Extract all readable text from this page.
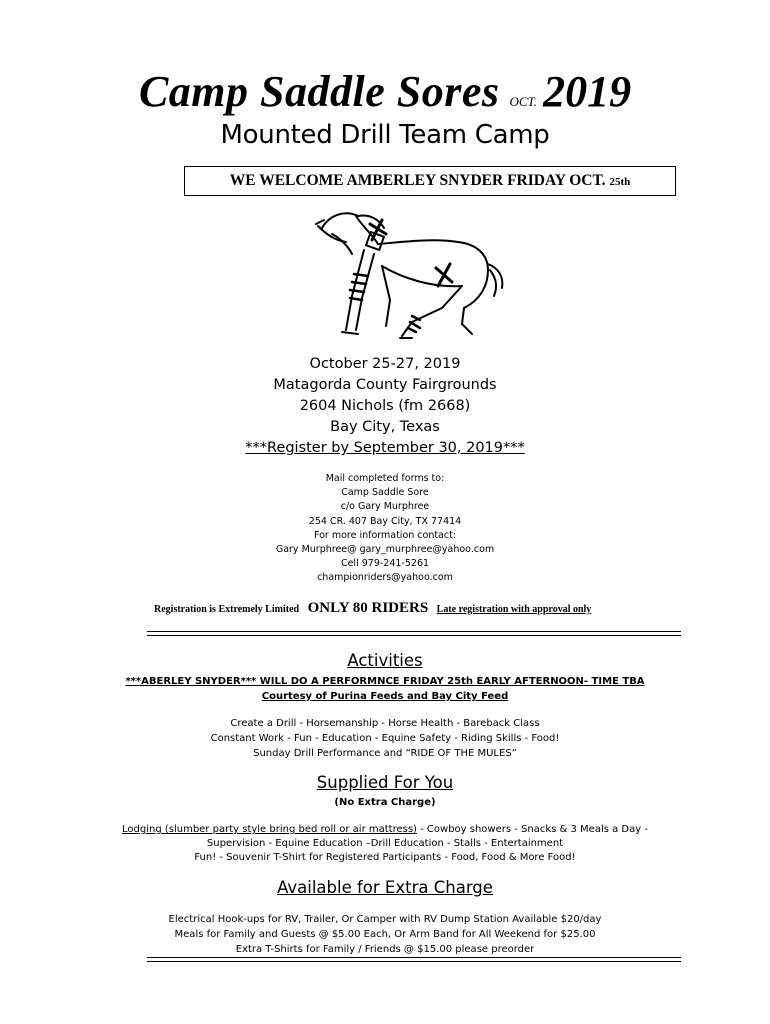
Camp Saddle Sores OCT. 2019
Mounted Drill Team Camp
WE WELCOME AMBERLEY SNYDER FRIDAY OCT. 25th
October 25-27, 2019
Matagorda County Fairgrounds
2604 Nichols (fm 2668)
Bay City, Texas
***Register by September 30, 2019***
Mail completed forms to:
Camp Saddle Sore
c/o Gary Murphree
254 CR. 407 Bay City, TX 77414
For more information contact:
Gary Murphree@ gary_murphree@yahoo.com
Cell 979-241-5261
championriders@yahoo.com
Registration is Extremely Limited ONLY 80 RIDERS Late registration with approval only
Activities
***ABERLEY SNYDER*** WILL DO A PERFORMNCE FRIDAY 25th EARLY AFTERNOON- TIME TBA
Courtesy of Purina Feeds and Bay City Feed
Create a Drill - Horsemanship - Horse Health - Bareback Class
Constant Work - Fun - Education - Equine Safety - Riding Skills - Food!
Sunday Drill Performance and “RIDE OF THE MULES”
Supplied For You
(No Extra Charge)
Lodging (slumber party style bring bed roll or air mattress) - Cowboy showers - Snacks & 3 Meals a Day -
Supervision - Equine Education –Drill Education - Stalls - Entertainment
Fun! - Souvenir T-Shirt for Registered Participants - Food, Food & More Food!
Available for Extra Charge
Electrical Hook-ups for RV, Trailer, Or Camper with RV Dump Station Available $20/day
Meals for Family and Guests @ $5.00 Each, Or Arm Band for All Weekend for $25.00
Extra T-Shirts for Family / Friends @ $15.00 please preorder
